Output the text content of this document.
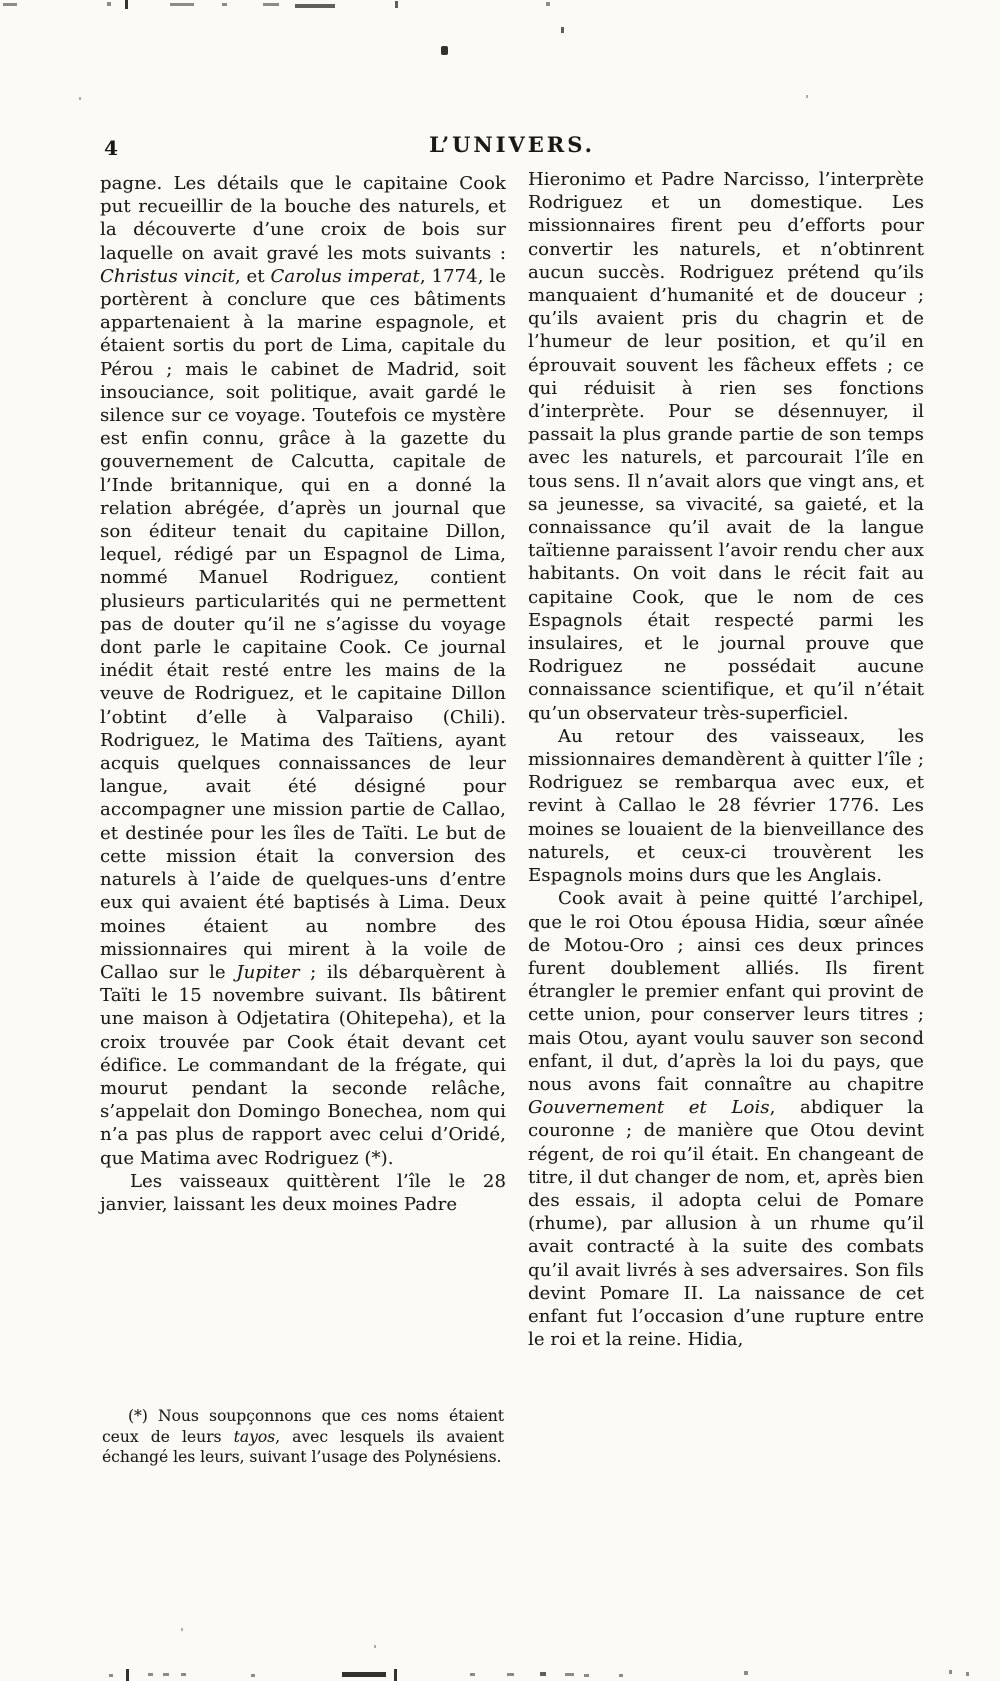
4	L’UNIVERS.

pagne. Les détails que le capitaine Cook put recueillir de la bouche des naturels, et la découverte d’une croix de bois sur laquelle on avait gravé les mots suivants : Christus vincit, et Carolus imperat, 1774, le portèrent à conclure que ces bâtiments appartenaient à la marine espagnole, et étaient sortis du port de Lima, capitale du Pérou ; mais le cabinet de Madrid, soit insouciance, soit politique, avait gardé le silence sur ce voyage. Toutefois ce mystère est enfin connu, grâce à la gazette du gouvernement de Calcutta, capitale de l’Inde britannique, qui en a donné la relation abrégée, d’après un journal que son éditeur tenait du capitaine Dillon, lequel, rédigé par un Espagnol de Lima, nommé Manuel Rodriguez, contient plusieurs particularités qui ne permettent pas de douter qu’il ne s’agisse du voyage dont parle le capitaine Cook. Ce journal inédit était resté entre les mains de la veuve de Rodriguez, et le capitaine Dillon l’obtint d’elle à Valparaiso (Chili). Rodriguez, le Matima des Taïtiens, ayant acquis quelques connaissances de leur langue, avait été désigné pour accompagner une mission partie de Callao, et destinée pour les îles de Taïti. Le but de cette mission était la conversion des naturels à l’aide de quelques-uns d’entre eux qui avaient été baptisés à Lima. Deux moines étaient au nombre des missionnaires qui mirent à la voile de Callao sur le Jupiter ; ils débarquèrent à Taïti le 15 novembre suivant. Ils bâtirent une maison à Odjetatira (Ohitepeha), et la croix trouvée par Cook était devant cet édifice. Le commandant de la frégate, qui mourut pendant la seconde relâche, s’appelait don Domingo Bonechea, nom qui n’a pas plus de rapport avec celui d’Oridé, que Matima avec Rodriguez (*).

Les vaisseaux quittèrent l’île le 28 janvier, laissant les deux moines Padre

Hieronimo et Padre Narcisso, l’interprète Rodriguez et un domestique. Les missionnaires firent peu d’efforts pour convertir les naturels, et n’obtinrent aucun succès. Rodriguez prétend qu’ils manquaient d’humanité et de douceur ; qu’ils avaient pris du chagrin et de l’humeur de leur position, et qu’il en éprouvait souvent les fâcheux effets ; ce qui réduisit à rien ses fonctions d’interprète. Pour se désennuyer, il passait la plus grande partie de son temps avec les naturels, et parcourait l’île en tous sens. Il n’avait alors que vingt ans, et sa jeunesse, sa vivacité, sa gaieté, et la connaissance qu’il avait de la langue taïtienne paraissent l’avoir rendu cher aux habitants. On voit dans le récit fait au capitaine Cook, que le nom de ces Espagnols était respecté parmi les insulaires, et le journal prouve que Rodriguez ne possédait aucune connaissance scientifique, et qu’il n’était qu’un observateur très-superficiel.

Au retour des vaisseaux, les missionnaires demandèrent à quitter l’île ; Rodriguez se rembarqua avec eux, et revint à Callao le 28 février 1776. Les moines se louaient de la bienveillance des naturels, et ceux-ci trouvèrent les Espagnols moins durs que les Anglais.

Cook avait à peine quitté l’archipel, que le roi Otou épousa Hidia, sœur aînée de Motou-Oro ; ainsi ces deux princes furent doublement alliés. Ils firent étrangler le premier enfant qui provint de cette union, pour conserver leurs titres ; mais Otou, ayant voulu sauver son second enfant, il dut, d’après la loi du pays, que nous avons fait connaître au chapitre Gouvernement et Lois, abdiquer la couronne ; de manière que Otou devint régent, de roi qu’il était. En changeant de titre, il dut changer de nom, et, après bien des essais, il adopta celui de Pomare (rhume), par allusion à un rhume qu’il avait contracté à la suite des combats qu’il avait livrés à ses adversaires. Son fils devint Pomare II. La naissance de cet enfant fut l’occasion d’une rupture entre le roi et la reine. Hidia,

(*) Nous soupçonnons que ces noms étaient ceux de leurs tayos, avec lesquels ils avaient échangé les leurs, suivant l’usage des Polynésiens.
